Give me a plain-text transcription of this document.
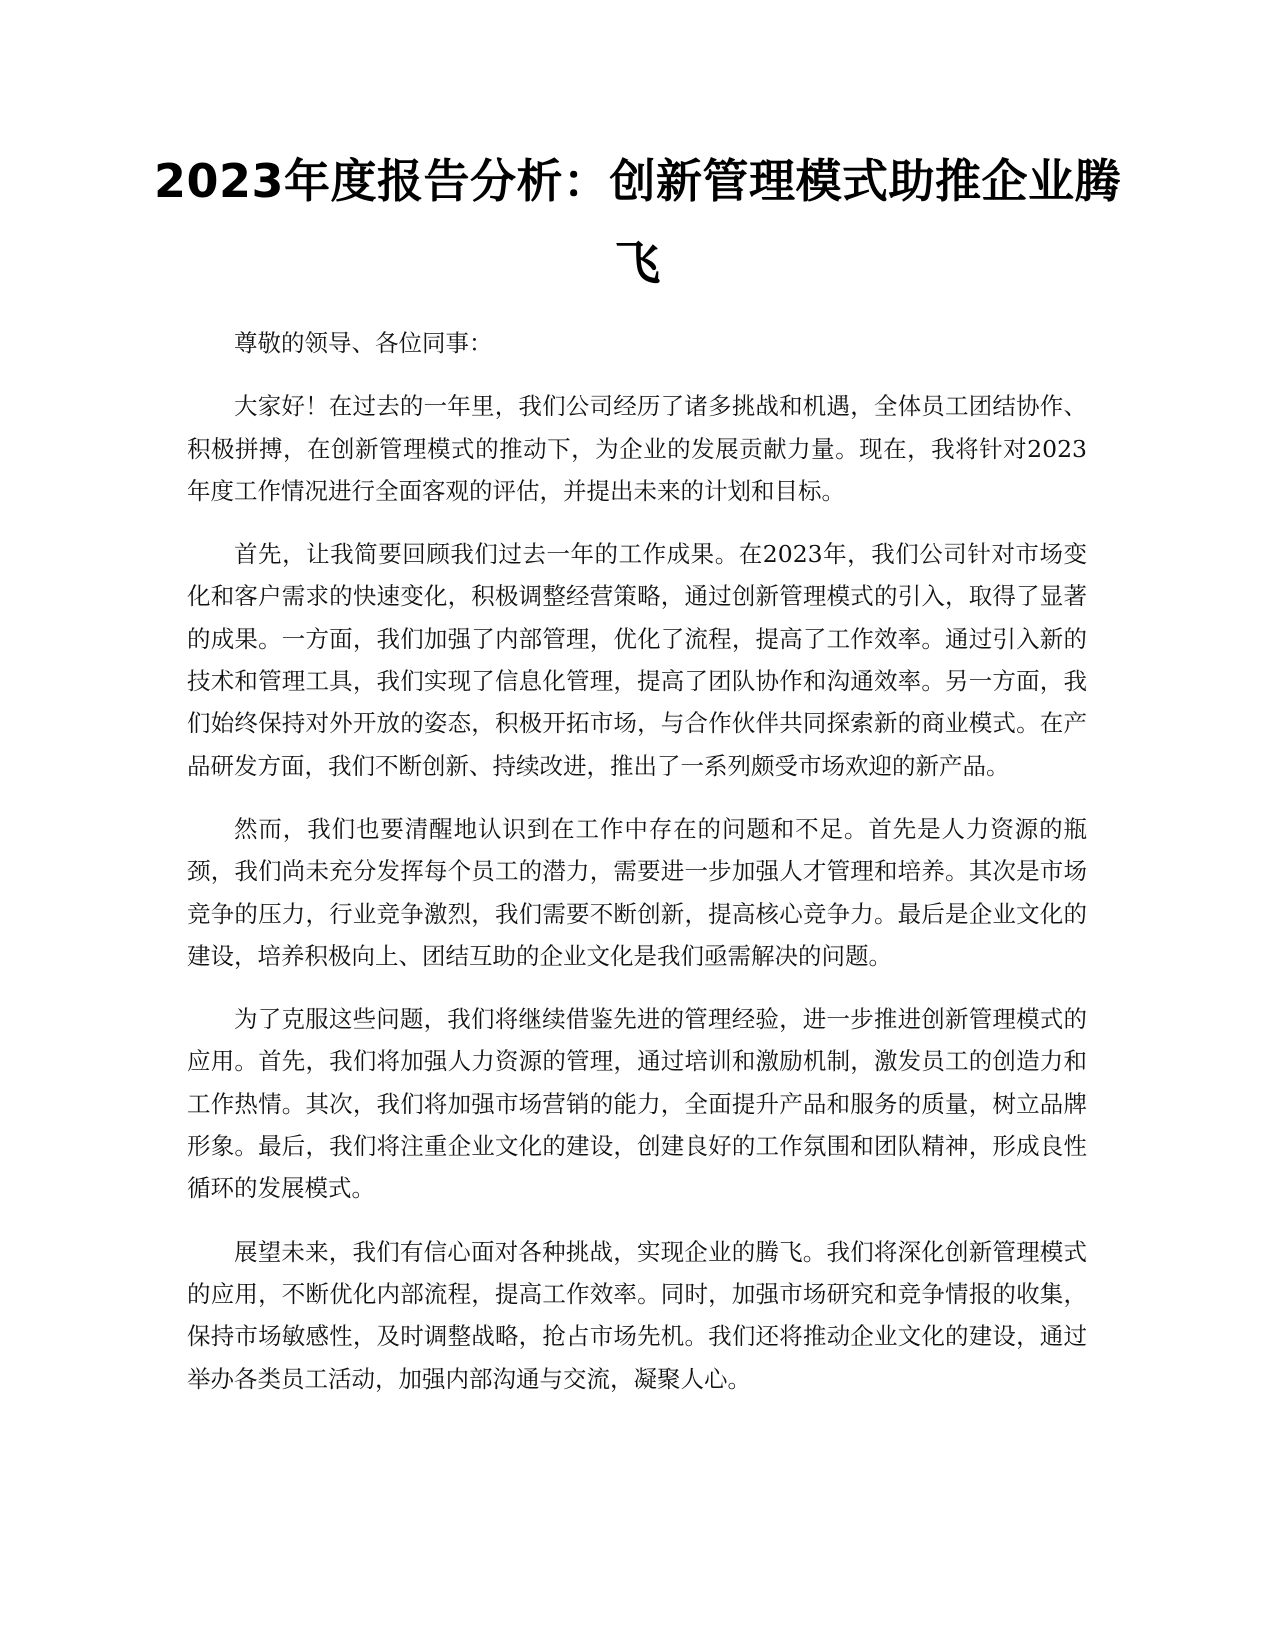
2023年度报告分析：创新管理模式助推企业腾飞

尊敬的领导、各位同事：

大家好！在过去的一年里，我们公司经历了诸多挑战和机遇，全体员工团结协作、积极拼搏，在创新管理模式的推动下，为企业的发展贡献力量。现在，我将针对2023年度工作情况进行全面客观的评估，并提出未来的计划和目标。

首先，让我简要回顾我们过去一年的工作成果。在2023年，我们公司针对市场变化和客户需求的快速变化，积极调整经营策略，通过创新管理模式的引入，取得了显著的成果。一方面，我们加强了内部管理，优化了流程，提高了工作效率。通过引入新的技术和管理工具，我们实现了信息化管理，提高了团队协作和沟通效率。另一方面，我们始终保持对外开放的姿态，积极开拓市场，与合作伙伴共同探索新的商业模式。在产品研发方面，我们不断创新、持续改进，推出了一系列颇受市场欢迎的新产品。

然而，我们也要清醒地认识到在工作中存在的问题和不足。首先是人力资源的瓶颈，我们尚未充分发挥每个员工的潜力，需要进一步加强人才管理和培养。其次是市场竞争的压力，行业竞争激烈，我们需要不断创新，提高核心竞争力。最后是企业文化的建设，培养积极向上、团结互助的企业文化是我们亟需解决的问题。

为了克服这些问题，我们将继续借鉴先进的管理经验，进一步推进创新管理模式的应用。首先，我们将加强人力资源的管理，通过培训和激励机制，激发员工的创造力和工作热情。其次，我们将加强市场营销的能力，全面提升产品和服务的质量，树立品牌形象。最后，我们将注重企业文化的建设，创建良好的工作氛围和团队精神，形成良性循环的发展模式。

展望未来，我们有信心面对各种挑战，实现企业的腾飞。我们将深化创新管理模式的应用，不断优化内部流程，提高工作效率。同时，加强市场研究和竞争情报的收集，保持市场敏感性，及时调整战略，抢占市场先机。我们还将推动企业文化的建设，通过举办各类员工活动，加强内部沟通与交流，凝聚人心。
